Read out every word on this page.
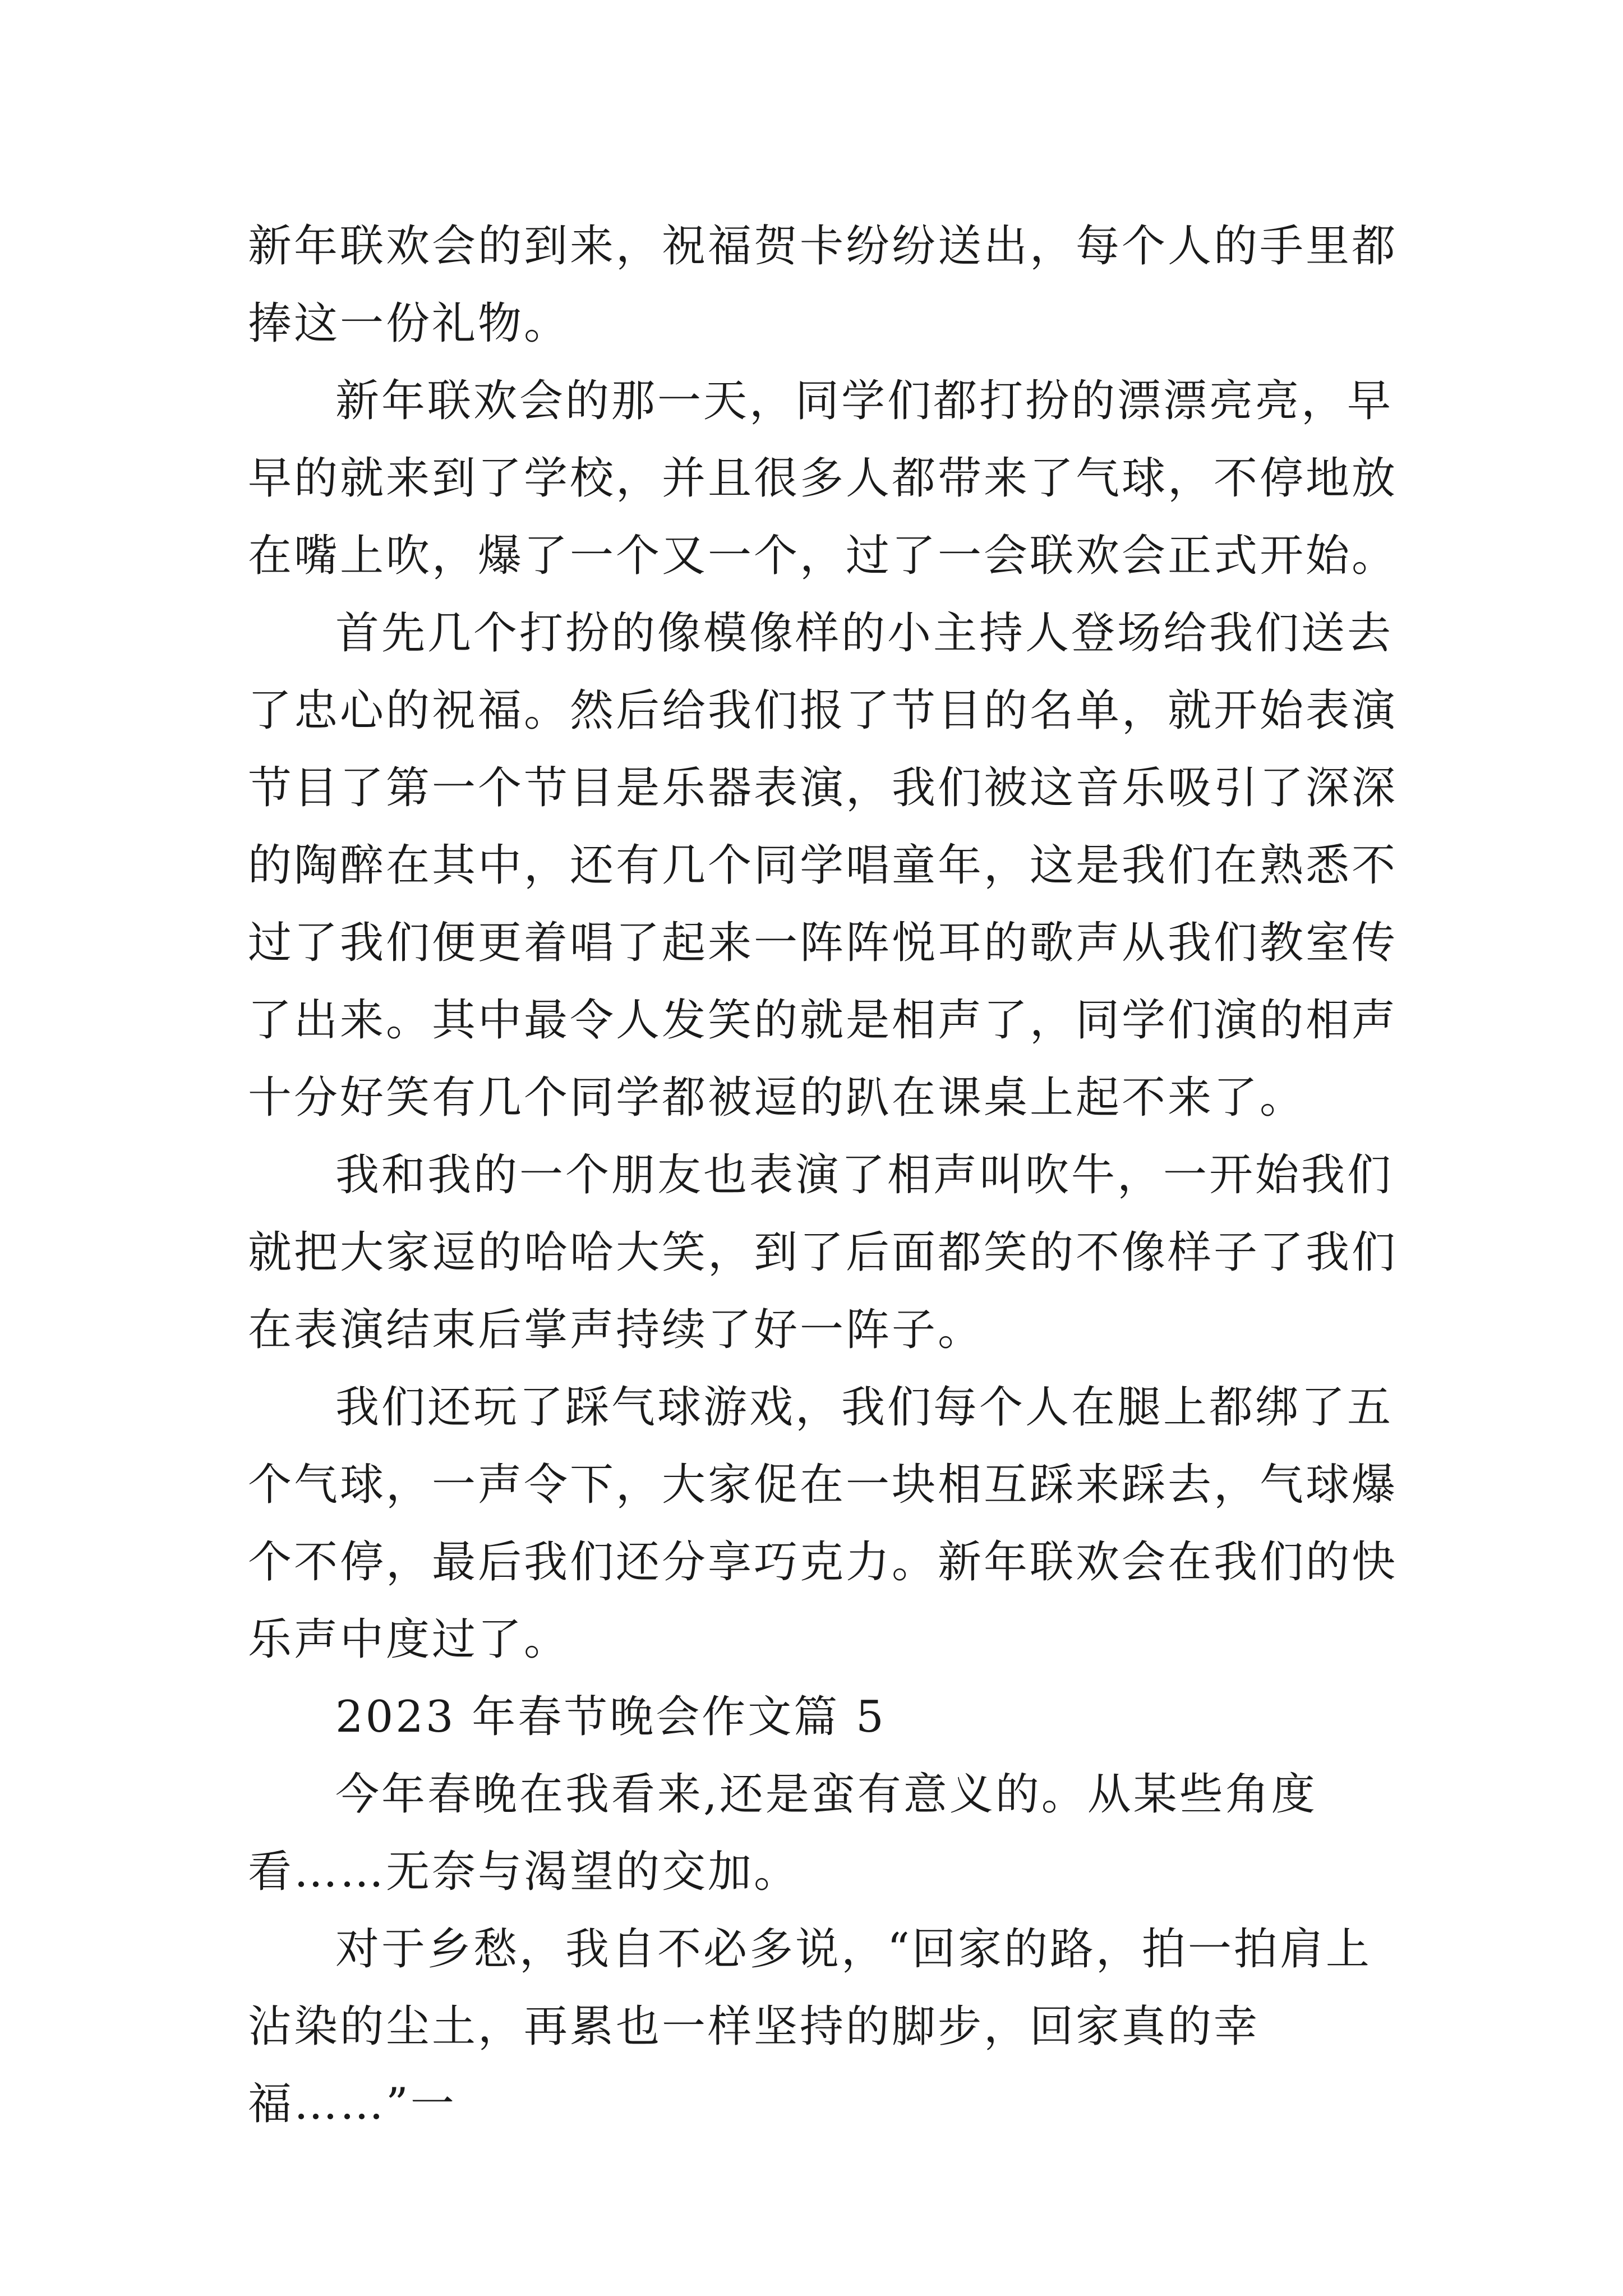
新年联欢会的到来，祝福贺卡纷纷送出，每个人的手里都捧这一份礼物。

新年联欢会的那一天，同学们都打扮的漂漂亮亮，早早的就来到了学校，并且很多人都带来了气球，不停地放在嘴上吹，爆了一个又一个，过了一会联欢会正式开始。

首先几个打扮的像模像样的小主持人登场给我们送去了忠心的祝福。然后给我们报了节目的名单，就开始表演节目了第一个节目是乐器表演，我们被这音乐吸引了深深的陶醉在其中，还有几个同学唱童年，这是我们在熟悉不过了我们便更着唱了起来一阵阵悦耳的歌声从我们教室传了出来。其中最令人发笑的就是相声了，同学们演的相声十分好笑有几个同学都被逗的趴在课桌上起不来了。

我和我的一个朋友也表演了相声叫吹牛，一开始我们就把大家逗的哈哈大笑，到了后面都笑的不像样子了我们在表演结束后掌声持续了好一阵子。

我们还玩了踩气球游戏，我们每个人在腿上都绑了五个气球，一声令下，大家促在一块相互踩来踩去，气球爆个不停，最后我们还分享巧克力。新年联欢会在我们的快乐声中度过了。

2023 年春节晚会作文篇 5

今年春晚在我看来,还是蛮有意义的。从某些角度看……无奈与渴望的交加。

对于乡愁，我自不必多说，“回家的路，拍一拍肩上沾染的尘土，再累也一样坚持的脚步，回家真的幸福……”一
